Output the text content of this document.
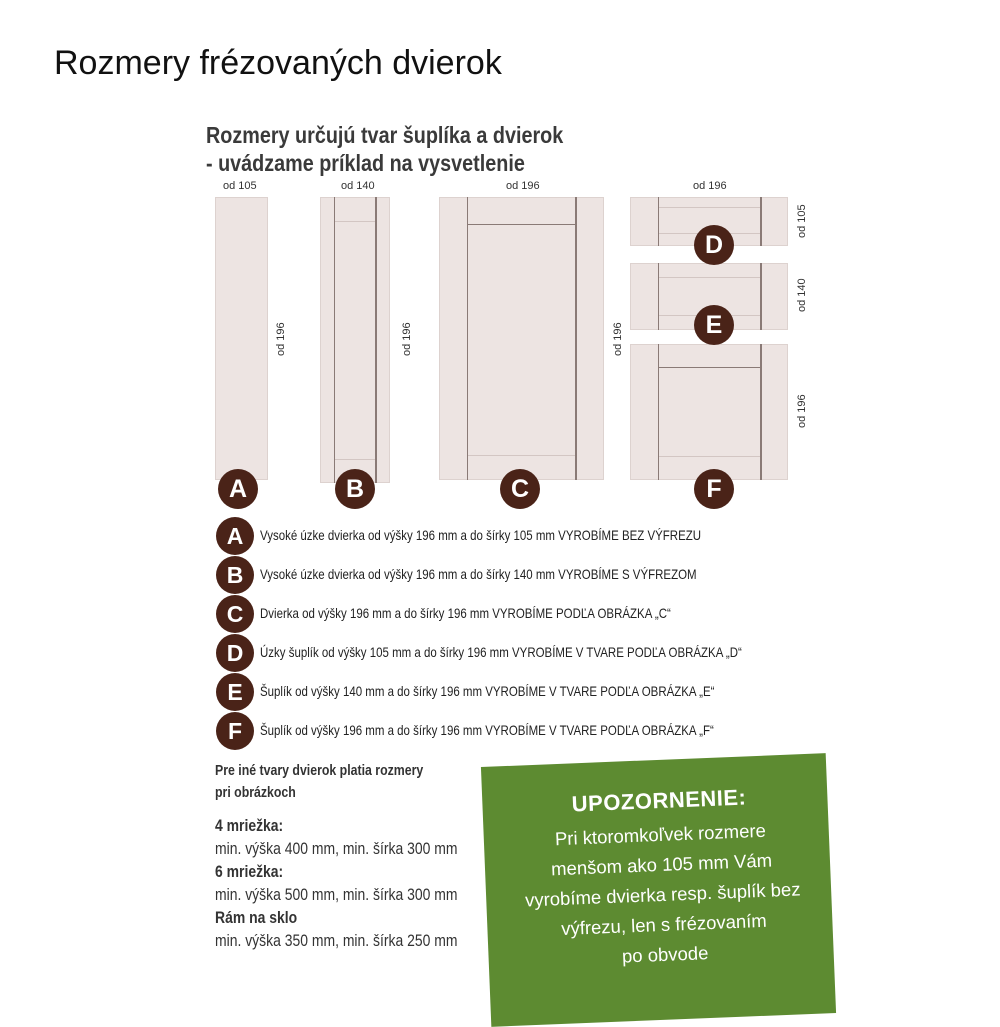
Rozmery frézovaných dvierok
Rozmery určujú tvar šuplíka a dvierok
- uvádzame príklad na vysvetlenie
od 105	od 140	od 196	od 196
od 196	od 196	od 196
od 105
od 140
od 196
A	B	C
D
E
F
A	Vysoké úzke dvierka od výšky 196 mm a do šírky 105 mm VYROBÍME BEZ VÝFREZU
B	Vysoké úzke dvierka od výšky 196 mm a do šírky 140 mm VYROBÍME S VÝFREZOM
C	Dvierka od výšky 196 mm a do šírky 196 mm VYROBÍME PODĽA OBRÁZKA „C“
D	Úzky šuplík od výšky 105 mm a do šírky 196 mm VYROBÍME V TVARE PODĽA OBRÁZKA „D“
E	Šuplík od výšky 140 mm a do šírky 196 mm VYROBÍME V TVARE PODĽA OBRÁZKA „E“
F	Šuplík od výšky 196 mm a do šírky 196 mm VYROBÍME V TVARE PODĽA OBRÁZKA „F“
Pre iné tvary dvierok platia rozmery
pri obrázkoch
4 mriežka:
min. výška 400 mm, min. šírka 300 mm
6 mriežka:
min. výška 500 mm, min. šírka 300 mm
Rám na sklo
min. výška 350 mm, min. šírka 250 mm
UPOZORNENIE:
Pri ktoromkoľvek rozmere
menšom ako 105 mm Vám
vyrobíme dvierka resp. šuplík bez
výfrezu, len s frézovaním
po obvode
